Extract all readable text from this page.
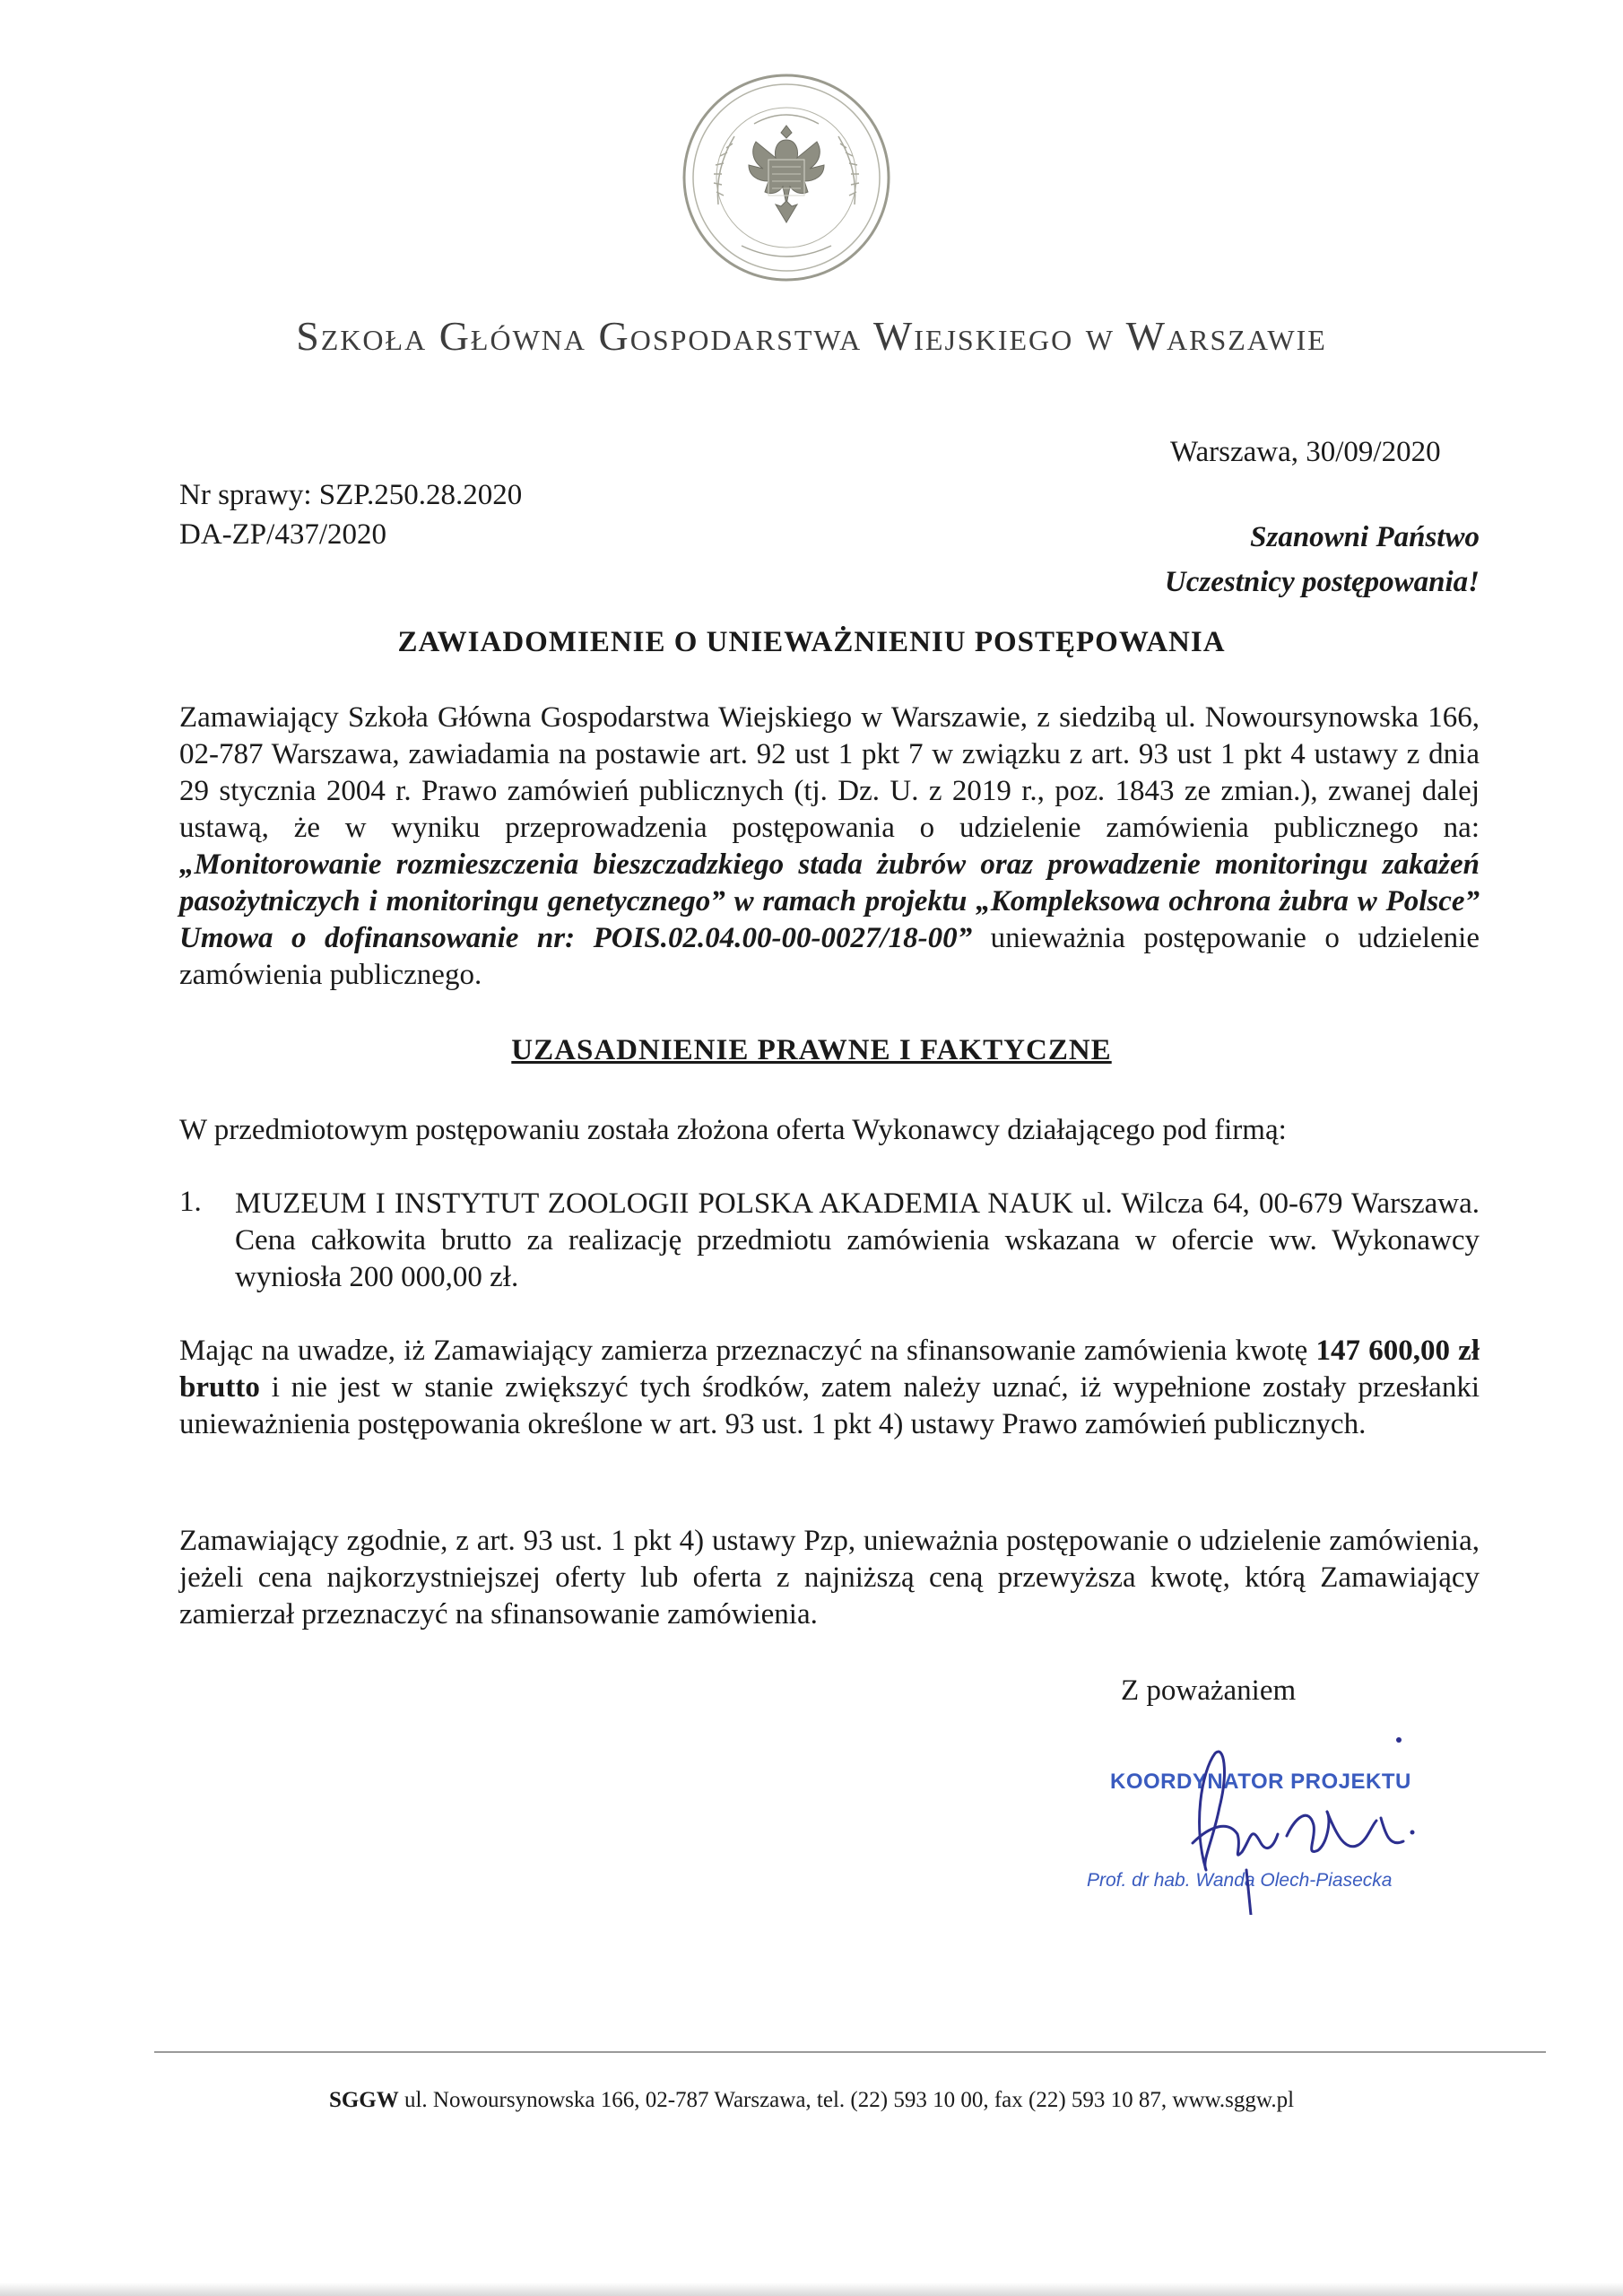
Szkoła Główna Gospodarstwa Wiejskiego w Warszawie
Warszawa, 30/09/2020
Nr sprawy: SZP.250.28.2020
DA-ZP/437/2020	Szanowni Państwo
Uczestnicy postępowania!
ZAWIADOMIENIE O UNIEWAŻNIENIU POSTĘPOWANIA
Zamawiający Szkoła Główna Gospodarstwa Wiejskiego w Warszawie, z siedzibą ul. Nowoursynowska 166, 02-787 Warszawa, zawiadamia na postawie art. 92 ust 1 pkt 7 w związku z art. 93 ust 1 pkt 4 ustawy z dnia 29 stycznia 2004 r. Prawo zamówień publicznych (tj. Dz. U. z 2019 r., poz. 1843 ze zmian.), zwanej dalej ustawą, że w wyniku przeprowadzenia postępowania o udzielenie zamówienia publicznego na: „Monitorowanie rozmieszczenia bieszczadzkiego stada żubrów oraz prowadzenie monitoringu zakażeń pasożytniczych i monitoringu genetycznego” w ramach projektu „Kompleksowa ochrona żubra w Polsce” Umowa o dofinansowanie nr: POIS.02.04.00-00-0027/18-00” unieważnia postępowanie o udzielenie zamówienia publicznego.
UZASADNIENIE PRAWNE I FAKTYCZNE
W przedmiotowym postępowaniu została złożona oferta Wykonawcy działającego pod firmą:
1. MUZEUM I INSTYTUT ZOOLOGII POLSKA AKADEMIA NAUK ul. Wilcza 64, 00-679 Warszawa. Cena całkowita brutto za realizację przedmiotu zamówienia wskazana w ofercie ww. Wykonawcy wyniosła 200 000,00 zł.
Mając na uwadze, iż Zamawiający zamierza przeznaczyć na sfinansowanie zamówienia kwotę 147 600,00 zł brutto i nie jest w stanie zwiększyć tych środków, zatem należy uznać, iż wypełnione zostały przesłanki unieważnienia postępowania określone w art. 93 ust. 1 pkt 4) ustawy Prawo zamówień publicznych.
Zamawiający zgodnie, z art. 93 ust. 1 pkt 4) ustawy Pzp, unieważnia postępowanie o udzielenie zamówienia, jeżeli cena najkorzystniejszej oferty lub oferta z najniższą ceną przewyższa kwotę, którą Zamawiający zamierzał przeznaczyć na sfinansowanie zamówienia.
Z poważaniem
KOORDYNATOR PROJEKTU
Prof. dr hab. Wanda Olech-Piasecka
SGGW ul. Nowoursynowska 166, 02-787 Warszawa, tel. (22) 593 10 00, fax (22) 593 10 87, www.sggw.pl
